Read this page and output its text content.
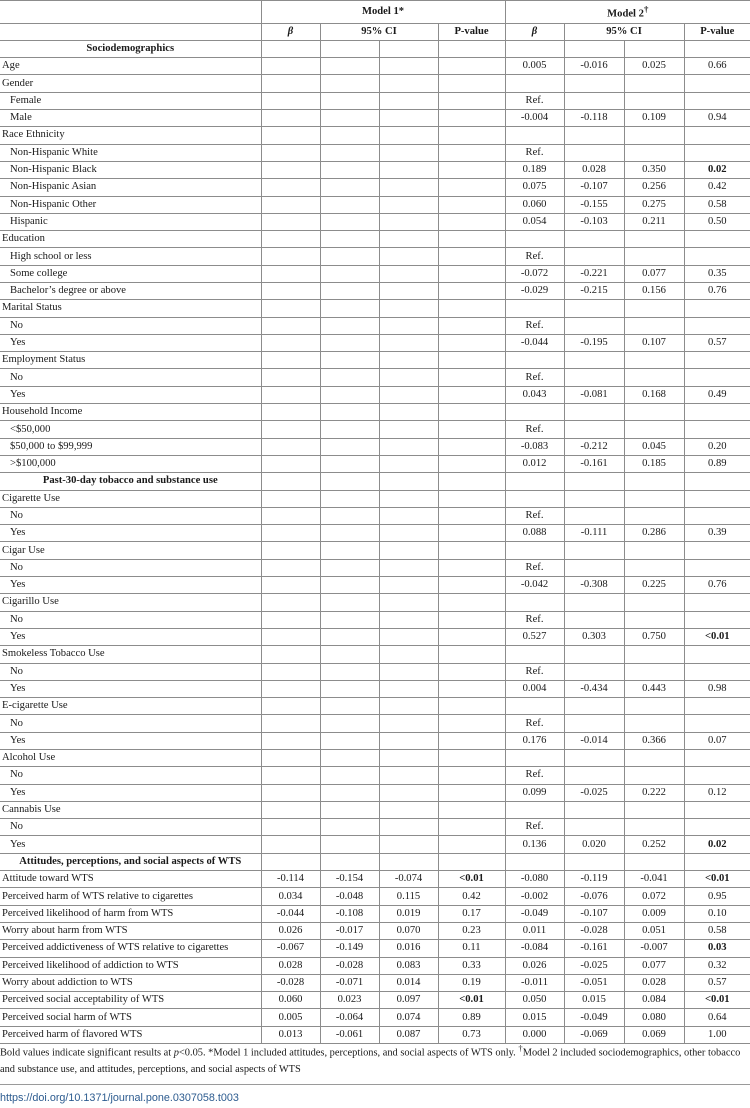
	Model 1*				Model 2†
	β	95% CI		P-value	β	95% CI		P-value
Sociodemographics								
Age					0.005	-0.016	0.025	0.66
Gender								
Female					Ref.			
Male					-0.004	-0.118	0.109	0.94
Race Ethnicity								
Non-Hispanic White					Ref.			
Non-Hispanic Black					0.189	0.028	0.350	0.02
Non-Hispanic Asian					0.075	-0.107	0.256	0.42
Non-Hispanic Other					0.060	-0.155	0.275	0.58
Hispanic					0.054	-0.103	0.211	0.50
Education								
High school or less					Ref.			
Some college					-0.072	-0.221	0.077	0.35
Bachelor’s degree or above					-0.029	-0.215	0.156	0.76
Marital Status								
No					Ref.			
Yes					-0.044	-0.195	0.107	0.57
Employment Status								
No					Ref.			
Yes					0.043	-0.081	0.168	0.49
Household Income								
<$50,000					Ref.			
$50,000 to $99,999					-0.083	-0.212	0.045	0.20
>$100,000					0.012	-0.161	0.185	0.89
Past-30-day tobacco and substance use								
Cigarette Use								
No					Ref.			
Yes					0.088	-0.111	0.286	0.39
Cigar Use								
No					Ref.			
Yes					-0.042	-0.308	0.225	0.76
Cigarillo Use								
No					Ref.			
Yes					0.527	0.303	0.750	<0.01
Smokeless Tobacco Use								
No					Ref.			
Yes					0.004	-0.434	0.443	0.98
E-cigarette Use								
No					Ref.			
Yes					0.176	-0.014	0.366	0.07
Alcohol Use								
No					Ref.			
Yes					0.099	-0.025	0.222	0.12
Cannabis Use								
No					Ref.			
Yes					0.136	0.020	0.252	0.02
Attitudes, perceptions, and social aspects of WTS								
Attitude toward WTS	-0.114	-0.154	-0.074	<0.01	-0.080	-0.119	-0.041	<0.01
Perceived harm of WTS relative to cigarettes	0.034	-0.048	0.115	0.42	-0.002	-0.076	0.072	0.95
Perceived likelihood of harm from WTS	-0.044	-0.108	0.019	0.17	-0.049	-0.107	0.009	0.10
Worry about harm from WTS	0.026	-0.017	0.070	0.23	0.011	-0.028	0.051	0.58
Perceived addictiveness of WTS relative to cigarettes	-0.067	-0.149	0.016	0.11	-0.084	-0.161	-0.007	0.03
Perceived likelihood of addiction to WTS	0.028	-0.028	0.083	0.33	0.026	-0.025	0.077	0.32
Worry about addiction to WTS	-0.028	-0.071	0.014	0.19	-0.011	-0.051	0.028	0.57
Perceived social acceptability of WTS	0.060	0.023	0.097	<0.01	0.050	0.015	0.084	<0.01
Perceived social harm of WTS	0.005	-0.064	0.074	0.89	0.015	-0.049	0.080	0.64
Perceived harm of flavored WTS	0.013	-0.061	0.087	0.73	0.000	-0.069	0.069	1.00
Bold values indicate significant results at p<0.05. *Model 1 included attitudes, perceptions, and social aspects of WTS only. †Model 2 included sociodemographics, other tobacco and substance use, and attitudes, perceptions, and social aspects of WTS
https://doi.org/10.1371/journal.pone.0307058.t003
